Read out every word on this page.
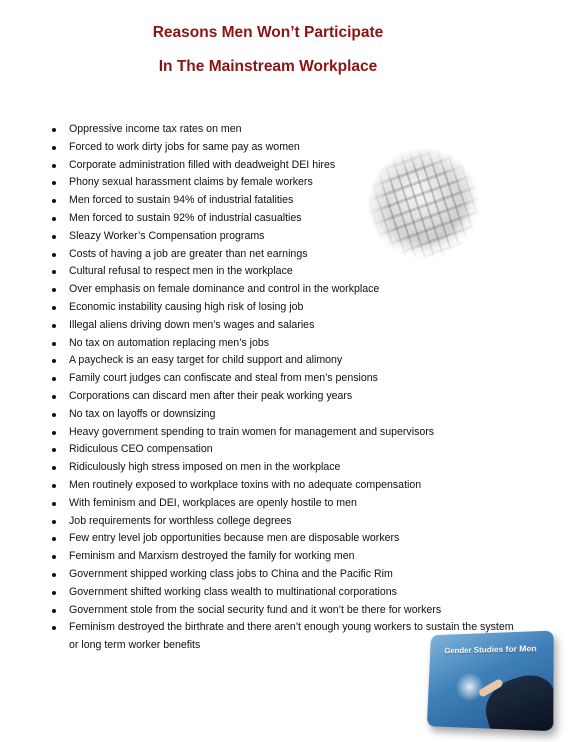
Reasons Men Won’t Participate
In The Mainstream Workplace
Oppressive income tax rates on men
Forced to work dirty jobs for same pay as women
Corporate administration filled with deadweight DEI hires
Phony sexual harassment claims by female workers
Men forced to sustain 94% of industrial fatalities
Men forced to sustain 92% of industrial casualties
Sleazy Worker’s Compensation programs
Costs of having a job are greater than net earnings
Cultural refusal to respect men in the workplace
Over emphasis on female dominance and control in the workplace
Economic instability causing high risk of losing job
Illegal aliens driving down men’s wages and salaries
No tax on automation replacing men’s jobs
A paycheck is an easy target for child support and alimony
Family court judges can confiscate and steal from men’s pensions
Corporations can discard men after their peak working years
No tax on layoffs or downsizing
Heavy government spending to train women for management and supervisors
Ridiculous CEO compensation
Ridiculously high stress imposed on men in the workplace
Men routinely exposed to workplace toxins with no adequate compensation
With feminism and DEI, workplaces are openly hostile to men
Job requirements for worthless college degrees
Few entry level job opportunities because men are disposable workers
Feminism and Marxism destroyed the family for working men
Government shipped working class jobs to China and the Pacific Rim
Government shifted working class wealth to multinational corporations
Government stole from the social security fund and it won’t be there for workers
Feminism destroyed the birthrate and there aren’t enough young workers to sustain the system or long term worker benefits	Gender Studies for Men
